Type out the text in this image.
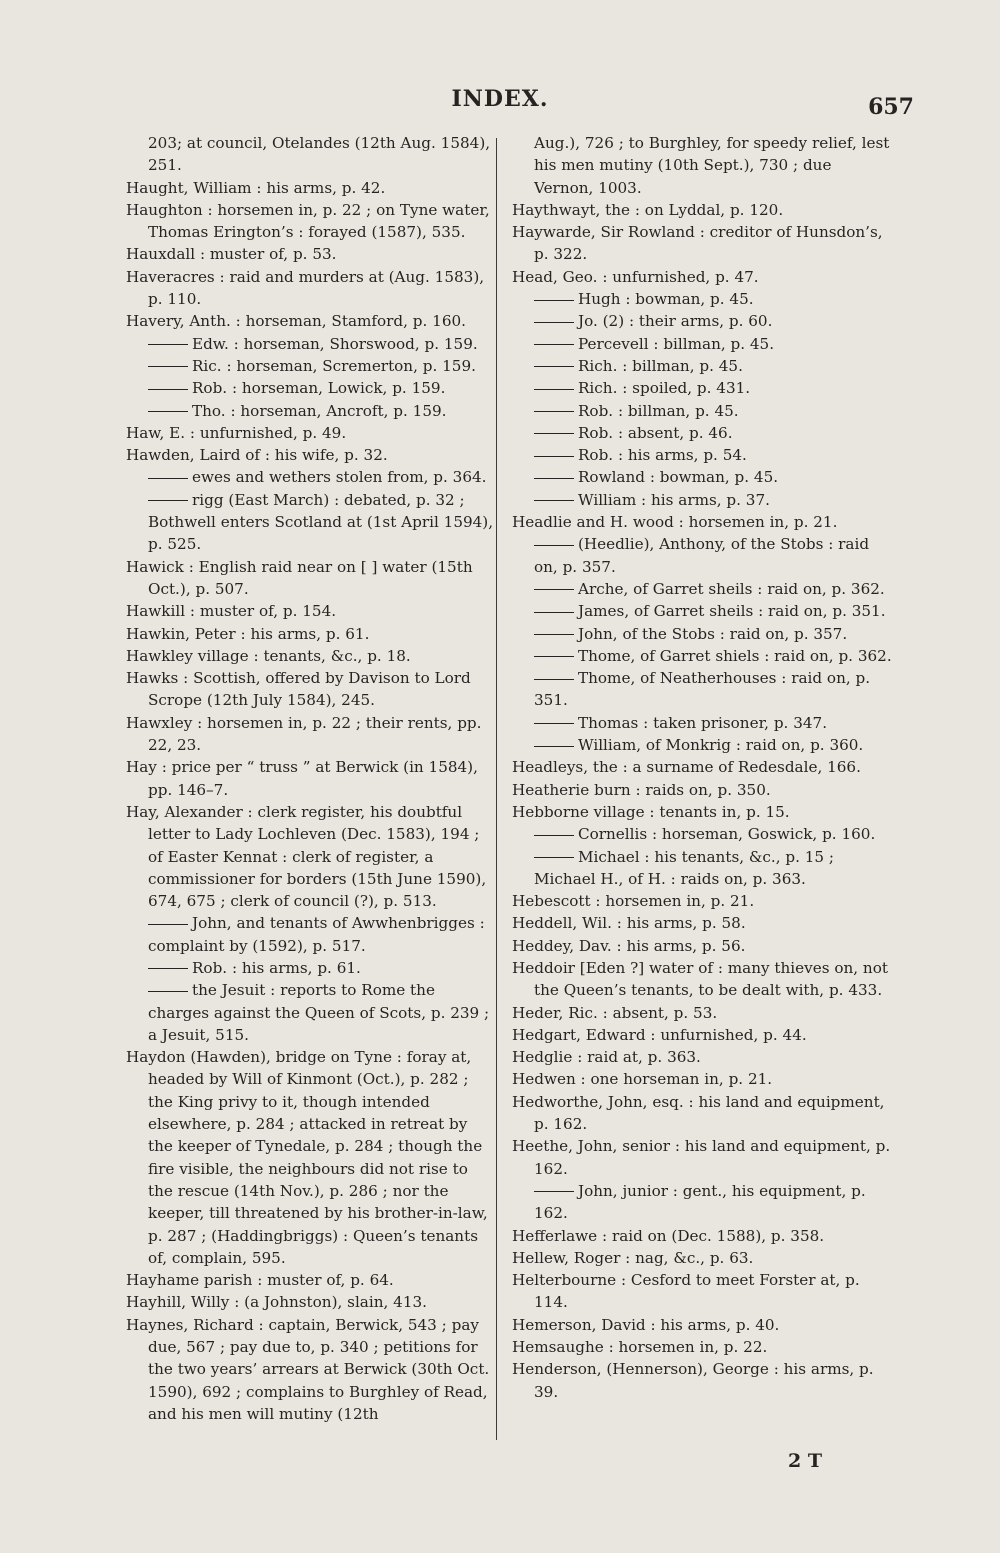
INDEX.	657
203; at council, Otelandes (12th Aug. 1584), 251.
Haught, William : his arms, p. 42.
Haughton : horsemen in, p. 22 ; on Tyne water, Thomas Erington’s : forayed (1587), 535.
Hauxdall : muster of, p. 53.
Haveracres : raid and murders at (Aug. 1583), p. 110.
Havery, Anth. : horseman, Stamford, p. 160.
Edw. : horseman, Shorswood, p. 159.
Ric. : horseman, Scremerton, p. 159.
Rob. : horseman, Lowick, p. 159.
Tho. : horseman, Ancroft, p. 159.
Haw, E. : unfurnished, p. 49.
Hawden, Laird of : his wife, p. 32.
ewes and wethers stolen from, p. 364.
rigg (East March) : debated, p. 32 ; Bothwell enters Scotland at (1st April 1594), p. 525.
Hawick : English raid near on [ ] water (15th Oct.), p. 507.
Hawkill : muster of, p. 154.
Hawkin, Peter : his arms, p. 61.
Hawkley village : tenants, &c., p. 18.
Hawks : Scottish, offered by Davison to Lord Scrope (12th July 1584), 245.
Hawxley : horsemen in, p. 22 ; their rents, pp. 22, 23.
Hay : price per “ truss ” at Berwick (in 1584), pp. 146–7.
Hay, Alexander : clerk register, his doubtful letter to Lady Lochleven (Dec. 1583), 194 ; of Easter Kennat : clerk of register, a commissioner for borders (15th June 1590), 674, 675 ; clerk of council (?), p. 513.
John, and tenants of Awwhenbrigges : complaint by (1592), p. 517.
Rob. : his arms, p. 61.
the Jesuit : reports to Rome the charges against the Queen of Scots, p. 239 ; a Jesuit, 515.
Haydon (Hawden), bridge on Tyne : foray at, headed by Will of Kinmont (Oct.), p. 282 ; the King privy to it, though intended elsewhere, p. 284 ; attacked in retreat by the keeper of Tynedale, p. 284 ; though the fire visible, the neighbours did not rise to the rescue (14th Nov.), p. 286 ; nor the keeper, till threatened by his brother-in-law, p. 287 ; (Haddingbriggs) : Queen’s tenants of, complain, 595.
Hayhame parish : muster of, p. 64.
Hayhill, Willy : (a Johnston), slain, 413.
Haynes, Richard : captain, Berwick, 543 ; pay due, 567 ; pay due to, p. 340 ; petitions for the two years’ arrears at Berwick (30th Oct. 1590), 692 ; complains to Burghley of Read, and his men will mutiny (12th
Aug.), 726 ; to Burghley, for speedy relief, lest his men mutiny (10th Sept.), 730 ; due Vernon, 1003.
Haythwayt, the : on Lyddal, p. 120.
Haywarde, Sir Rowland : creditor of Hunsdon’s, p. 322.
Head, Geo. : unfurnished, p. 47.
Hugh : bowman, p. 45.
Jo. (2) : their arms, p. 60.
Percevell : billman, p. 45.
Rich. : billman, p. 45.
Rich. : spoiled, p. 431.
Rob. : billman, p. 45.
Rob. : absent, p. 46.
Rob. : his arms, p. 54.
Rowland : bowman, p. 45.
William : his arms, p. 37.
Headlie and H. wood : horsemen in, p. 21.
(Heedlie), Anthony, of the Stobs : raid on, p. 357.
Arche, of Garret sheils : raid on, p. 362.
James, of Garret sheils : raid on, p. 351.
John, of the Stobs : raid on, p. 357.
Thome, of Garret shiels : raid on, p. 362.
Thome, of Neatherhouses : raid on, p. 351.
Thomas : taken prisoner, p. 347.
William, of Monkrig : raid on, p. 360.
Headleys, the : a surname of Redesdale, 166.
Heatherie burn : raids on, p. 350.
Hebborne village : tenants in, p. 15.
Cornellis : horseman, Goswick, p. 160.
Michael : his tenants, &c., p. 15 ; Michael H., of H. : raids on, p. 363.
Hebescott : horsemen in, p. 21.
Heddell, Wil. : his arms, p. 58.
Heddey, Dav. : his arms, p. 56.
Heddoir [Eden ?] water of : many thieves on, not the Queen’s tenants, to be dealt with, p. 433.
Heder, Ric. : absent, p. 53.
Hedgart, Edward : unfurnished, p. 44.
Hedglie : raid at, p. 363.
Hedwen : one horseman in, p. 21.
Hedworthe, John, esq. : his land and equipment, p. 162.
Heethe, John, senior : his land and equipment, p. 162.
John, junior : gent., his equipment, p. 162.
Hefferlawe : raid on (Dec. 1588), p. 358.
Hellew, Roger : nag, &c., p. 63.
Helterbourne : Cesford to meet Forster at, p. 114.
Hemerson, David : his arms, p. 40.
Hemsaughe : horsemen in, p. 22.
Henderson, (Hennerson), George : his arms, p. 39.
2 T
